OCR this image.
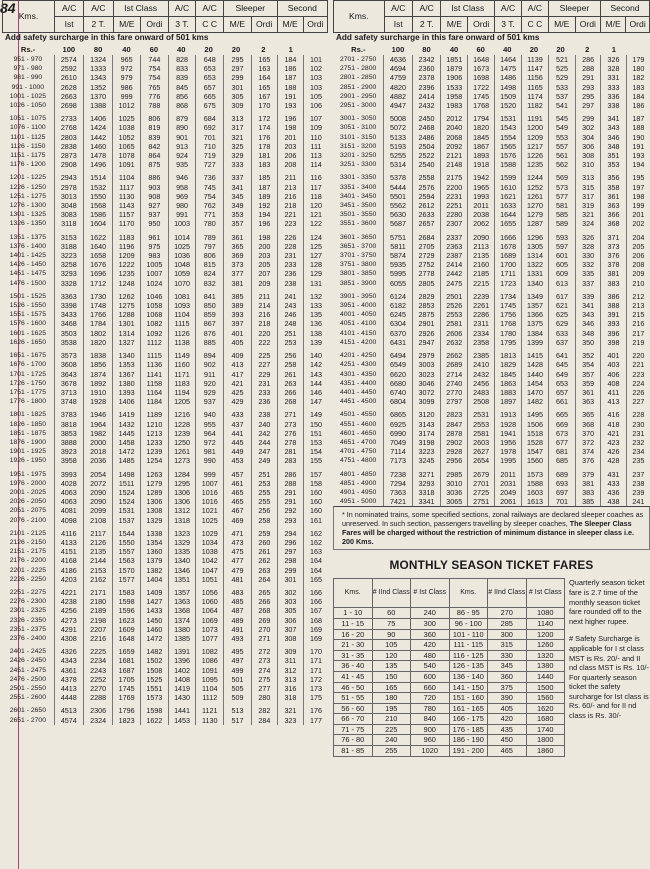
84 Kms.	A/C	A/C	Ist Class		A/C	A/C	Sleeper		Second	
	Ist	2 T.	M/E	Ordi	3 T.	C C	M/E	Ordi	M/E	Ordi
Add safety surcharge in this fare onward of 501 kms
Rs.-	100 80	40 60 40 20 20	2	1
951 - 970	2574	1324	965	744	828	648	295	165	184	101
971 - 980	2592	1333	972	754	833	653	297	163	186	102
981 - 990	2610	1343	979	754	839	653	299	164	187	103
991 - 1000	2628	1352	986	765	845	657	301	165	188	103
1001 - 1025	2663	1370	999	776	856	665	305	167	191	105
1026 - 1050	2698	1388	1012	788	868	675	309	170	193	106

1051 - 1075	2733	1406	1025	806	879	684	313	172	196	107
1076 - 1100	2768	1424	1038	819	890	692	317	174	198	109
1101 - 1125	2803	1442	1052	839	901	701	321	176	201	110
1126 - 1150	2838	1460	1065	842	913	710	325	178	203	111
1151 - 1175	2873	1478	1078	864	924	719	329	181	206	113
1176 - 1200	2908	1496	1091	875	935	727	333	183	208	114

1201 - 1225	2943	1514	1104	886	946	736	337	185	211	116
1226 - 1250	2978	1532	1117	903	958	745	341	187	213	117
1251 - 1275	3013	1550	1130	908	969	754	345	189	216	118
1276 - 1300	3048	1568	1143	927	980	762	349	192	218	120
1301 - 1325	3083	1586	1157	937	991	771	353	194	221	121
1326 - 1350	3118	1604	1170	950	1003	780	357	196	223	122

1351 - 1375	3153	1622	1183	961	1014	789	361	198	226	124
1376 - 1400	3188	1640	1196	975	1025	797	365	200	228	125
1401 - 1425	3223	1658	1209	983	1036	806	369	203	231	127
1426 - 1450	3258	1676	1222	1005	1048	815	373	205	233	128
1451 - 1475	3293	1696	1235	1007	1059	824	377	207	236	129
1476 - 1500	3328	1712	1248	1024	1070	832	381	209	238	131

1501 - 1525	3363	1730	1262	1046	1081	841	385	211	241	132
1526 - 1550	3398	1748	1275	1058	1093	850	389	214	243	133
1551 - 1575	3433	1766	1288	1068	1104	859	393	216	246	135
1576 - 1600	3468	1784	1301	1082	1115	867	397	218	248	136
1601 - 1625	3503	1802	1314	1092	1126	876	401	220	251	138
1626 - 1650	3538	1820	1327	1112	1138	885	405	222	253	139

1651 - 1675	3573	1838	1340	1115	1149	894	409	225	256	140
1676 - 1700	3608	1856	1353	1136	1160	902	413	227	258	142
1701 - 1725	3643	1874	1367	1141	1171	911	417	229	261	143
1726 - 1750	3678	1892	1380	1158	1183	920	421	231	263	144
1751 - 1775	3713	1910	1393	1164	1194	929	425	233	266	146
1776 - 1800	3748	1928	1406	1184	1205	937	429	236	268	147

1801 - 1825	3783	1946	1419	1189	1216	940	433	238	271	149
1826 - 1850	3818	1964	1432	1210	1228	955	437	240	273	150
1851 - 1875	3853	1982	1445	1213	1239	964	441	242	276	151
1876 - 1900	3888	2000	1458	1233	1250	972	445	244	278	153
1901 - 1925	3923	2018	1472	1239	1261	981	449	247	281	154
1926 - 1950	3958	2036	1485	1254	1273	990	453	249	283	155

1951 - 1975	3993	2054	1498	1263	1284	999	457	251	286	157
1976 - 2000	4028	2072	1511	1279	1295	1007	461	253	288	158
2001 - 2025	4063	2090	1524	1289	1306	1016	465	255	291	160
2026 - 2050	4063	2090	1524	1306	1306	1016	465	255	291	160
2051 - 2075	4081	2099	1531	1308	1312	1021	467	256	292	160
2076 - 2100	4098	2108	1537	1329	1318	1025	469	258	293	161

2101 - 2125	4116	2117	1544	1338	1323	1029	471	259	294	162
2126 - 2150	4133	2126	1550	1354	1329	1034	473	260	296	162
2151 - 2175	4151	2135	1557	1360	1335	1038	475	261	297	163
2176 - 2200	4168	2144	1563	1379	1340	1042	477	262	298	164
2201 - 2225	4186	2153	1570	1382	1346	1047	479	263	299	164
2226 - 2250	4203	2162	1577	1404	1351	1051	481	264	301	165

2251 - 2275	4221	2171	1583	1409	1357	1056	483	265	302	166
2276 - 2300	4238	2180	1598	1427	1363	1060	485	266	303	166
2301 - 2325	4256	2189	1596	1433	1368	1064	487	268	305	167
2326 - 2350	4273	2198	1623	1450	1374	1069	489	269	306	168
2351 - 2375	4291	2207	1609	1460	1380	1073	491	270	307	169
2376 - 2400	4308	2216	1648	1472	1385	1077	493	271	308	169

2401 - 2425	4326	2225	1659	1482	1391	1082	495	272	309	170
2426 - 2450	4343	2234	1681	1502	1396	1086	497	273	311	171
2451 - 2475	4361	2243	1687	1508	1402	1091	499	274	312	171
2476 - 2500	4378	2252	1705	1525	1408	1095	501	275	313	172
2501 - 2550	4413	2270	1745	1551	1419	1104	505	277	316	173
2551 - 2600	4448	2288	1769	1573	1430	1112	509	280	318	175

2601 - 2650	4513	2306	1796	1598	1441	1121	513	282	321	176
2651 - 2700	4574	2324	1823	1622	1453	1130	517	284	323	177
Kms.	A/C	A/C	Ist Class		A/C	A/C	Sleeper		Second	
	Ist	2 T.	M/E	Ordi	3 T.	C C	M/E	Ordi	M/E	Ordi
Add safety surcharge in this fare onward of 501 kms
Rs.-	100 80	40 60 40 20 20	2	1
2701 - 2750	4636	2342	1851	1648	1464	1139	521	286	326	179
2751 - 2800	4694	2360	1879	1673	1475	1147	525	288	328	180
2801 - 2850	4759	2378	1906	1698	1486	1156	529	291	331	182
2851 - 2900	4820	2396	1533	1722	1498	1165	533	293	333	183
2901 - 2950	4882	2414	1958	1745	1509	1174	537	295	336	184
2951 - 3000	4947	2432	1983	1768	1520	1182	541	297	338	186

3001 - 3050	5008	2450	2012	1794	1531	1191	545	299	341	187
3051 - 3100	5072	2468	2040	1820	1543	1200	549	302	343	188
3101 - 3150	5133	2486	2068	1845	1554	1209	553	304	346	190
3151 - 3200	5193	2504	2092	1867	1565	1217	557	306	348	191
3201 - 3250	5255	2522	2121	1893	1576	1226	561	308	351	193
3251 - 3300	5314	2540	2148	1918	1588	1235	562	310	353	194

3301 - 3350	5378	2558	2175	1942	1599	1244	569	313	356	195
3351 - 3400	5444	2576	2200	1965	1610	1252	573	315	358	197
3401 - 3450	5501	2594	2231	1993	1621	1261	577	317	361	198
3451 - 3500	5562	2612	2251	2011	1633	1270	581	319	363	199
3501 - 3550	5630	2633	2280	2038	1644	1279	585	321	366	201
3551 - 3600	5687	2657	2307	2062	1655	1287	589	324	368	202

3601 - 3650	5751	2684	2337	2090	1666	1296	593	326	371	204
3651 - 3700	5811	2705	2363	2113	1678	1305	597	328	373	205
3701 - 3750	5874	2729	2387	2135	1689	1314	601	330	376	206
3751 - 3800	5935	2752	2414	2160	1700	1322	605	332	378	208
3801 - 3850	5995	2778	2442	2185	1711	1331	609	335	381	209
3851 - 3900	6055	2805	2475	2215	1723	1340	613	337	383	210

3901 - 3950	6124	2829	2501	2239	1734	1349	617	339	386	212
3951 - 4000	6182	2853	2526	2261	1745	1357	621	341	388	213
4001 - 4050	6245	2875	2553	2286	1756	1366	625	343	391	215
4051 - 4100	6304	2901	2581	2311	1768	1375	629	346	393	216
4101 - 4150	6370	2926	2606	2334	1780	1384	633	348	396	217
4151 - 4200	6431	2947	2632	2358	1795	1399	637	350	398	219

4201 - 4250	6494	2979	2662	2385	1813	1415	641	352	401	220
4251 - 4300	6549	3003	2689	2410	1829	1428	645	354	403	221
4301 - 4350	6620	3023	2714	2432	1845	1440	649	357	406	223
4351 - 4400	6680	3046	2740	2456	1863	1454	653	359	408	224
4401 - 4450	6740	3072	2770	2483	1883	1470	657	361	411	226
4451 - 4500	6804	3099	2797	2508	1897	1482	661	363	413	227

4501 - 4550	6865	3120	2823	2531	1913	1495	665	365	416	228
4551 - 4600	6925	3143	2847	2553	1928	1506	669	368	418	230
4601 - 4650	6990	3174	2878	2581	1941	1518	673	370	421	231
4651 - 4700	7049	3198	2902	2603	1956	1528	677	372	423	232
4701 - 4750	7114	3223	2928	2627	1978	1547	681	374	426	234
4751 - 4800	7173	3245	2956	2654	1995	1560	685	376	428	235

4801 - 4850	7238	3271	2985	2679	2011	1573	689	379	431	237
4851 - 4900	7294	3293	3010	2701	2031	1588	693	381	433	238
4901 - 4950	7363	3318	3036	2725	2049	1603	697	383	436	239
4951 - 5000	7421	3341	3065	2751	2061	1613	701	385	438	241
* In nominated trains, some specified sections, zonal railways are declared sleeper coaches as unreserved. In such section, passengers travelling by sleeper coaches, The Sleeper Class Fares will be charged without the restriction of minimum distance in sleeper class i.e. 200 Kms.
MONTHLY SEASON TICKET FARES
Kms.	# IInd Class	# Ist Class	Kms.	# IInd Class	# Ist Class
1 - 10	60	240	86 - 95	270	1080
11 - 15	75	300	96 - 100	285	1140
16 - 20	90	360	101 - 110	300	1200
21 - 30	105	420	111 - 115	315	1260
31 - 35	120	480	116 - 125	330	1320
36 - 40	135	540	126 - 135	345	1380
41 - 45	150	600	136 - 140	360	1440
46 - 50	165	660	141 - 150	375	1500
51 - 55	180	720	151 - 160	390	1560
56 - 60	195	780	161 - 165	405	1620
66 - 70	210	840	166 - 175	420	1680
71 - 75	225	900	176 - 185	435	1740
76 - 80	240	960	186 - 190	450	1800
81 - 85	255	1020	191 - 200	465	1860

Quarterly season ticket fare is 2.7 time of the monthly season ticket fare rounded off to the next higher rupee.

# Safety Surcharge is applicable for I st class MST is Rs. 20/- and II nd class MST is Rs. 10/- For quarterly season ticket the safety surcharge for Ist class is Rs. 60/- and for II nd class is Rs. 30/-
